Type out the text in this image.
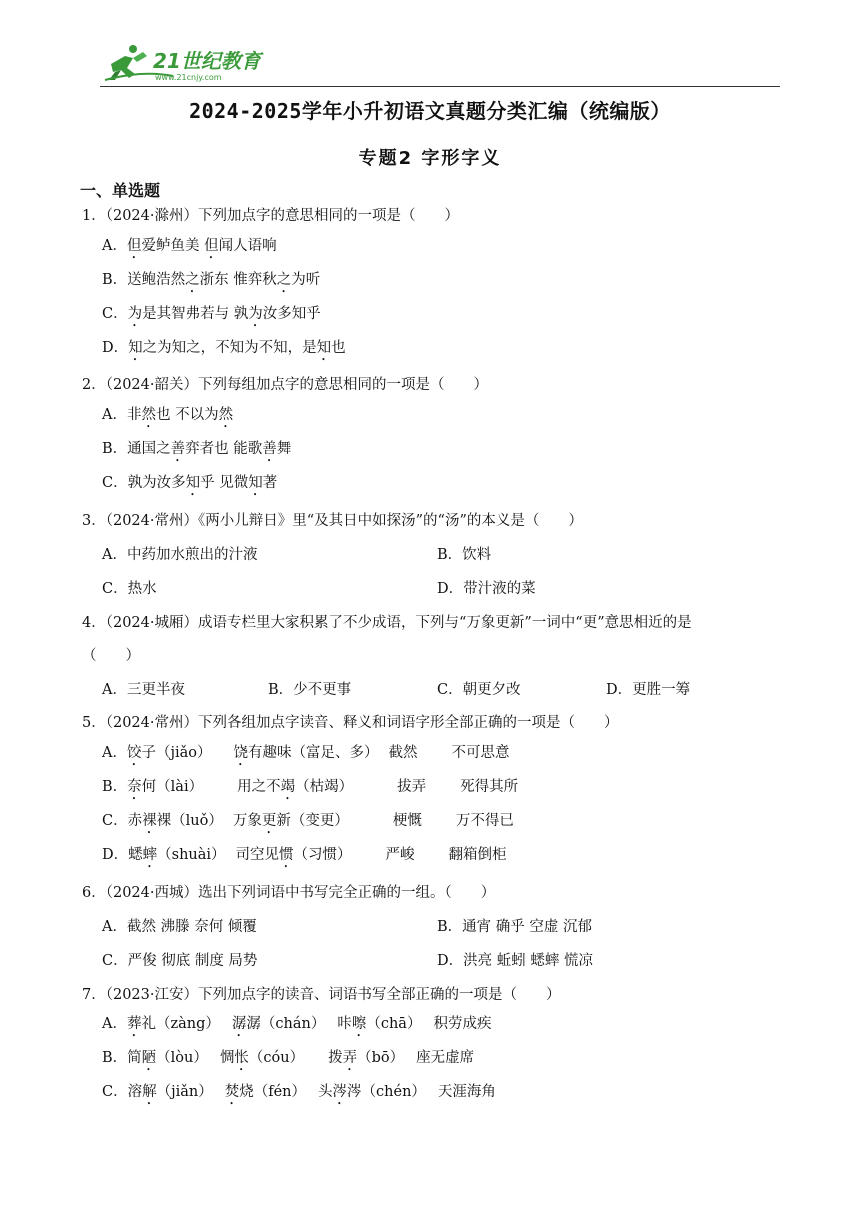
21世纪教育
www.21cnjy.com
2024-2025学年小升初语文真题分类汇编（统编版）
专题2 字形字义
一、单选题
1．（2024·滁州）下列加点字的意思相同的一项是（　　）
A．但爱鲈鱼美 但闻人语响
B．送鲍浩然之浙东 惟弈秋之为听
C．为是其智弗若与 孰为汝多知乎
D．知之为知之，不知为不知，是知也
2．（2024·韶关）下列每组加点字的意思相同的一项是（　　）
A．非然也 不以为然
B．通国之善弈者也 能歌善舞
C．孰为汝多知乎 见微知著
3．（2024·常州）《两小儿辩日》里“及其日中如探汤”的“汤”的本义是（　　）
A．中药加水煎出的汁液	B．饮料
C．热水	D．带汁液的菜
4．（2024·城厢）成语专栏里大家积累了不少成语，下列与“万象更新”一词中“更”意思相近的是
（　　）
A．三更半夜	B．少不更事	C．朝更夕改	D．更胜一筹
5．（2024·常州）下列各组加点字读音、释义和词语字形全部正确的一项是（　　）
A．饺子（jiǎo） 饶有趣味（富足、多） 截然 不可思意
B．奈何（lài） 用之不竭（枯竭）	拔弄 死得其所
C．赤裸裸（luǒ） 万象更新（变更）	梗慨 万不得已
D．蟋蟀（shuài） 司空见惯（习惯） 严峻 翻箱倒柜
6．（2024·西城）选出下列词语中书写完全正确的一组。（　　）
A．截然 沸滕 奈何 倾覆	B．通宵 确乎 空虚 沉郁
C．严俊 彻底 制度 局势	D．洪亮 蚯蚓 蟋蟀 慌凉
7．（2023·江安）下列加点字的读音、词语书写全部正确的一项是（　　）
A．葬礼（zàng） 潺潺（chán） 咔嚓（chā） 积劳成疾
B．简陋（lòu） 惆怅（cóu） 拨弄（bō） 座无虚席
C．溶解（jiǎn） 焚烧（fén） 头涔涔（chén） 天涯海角
